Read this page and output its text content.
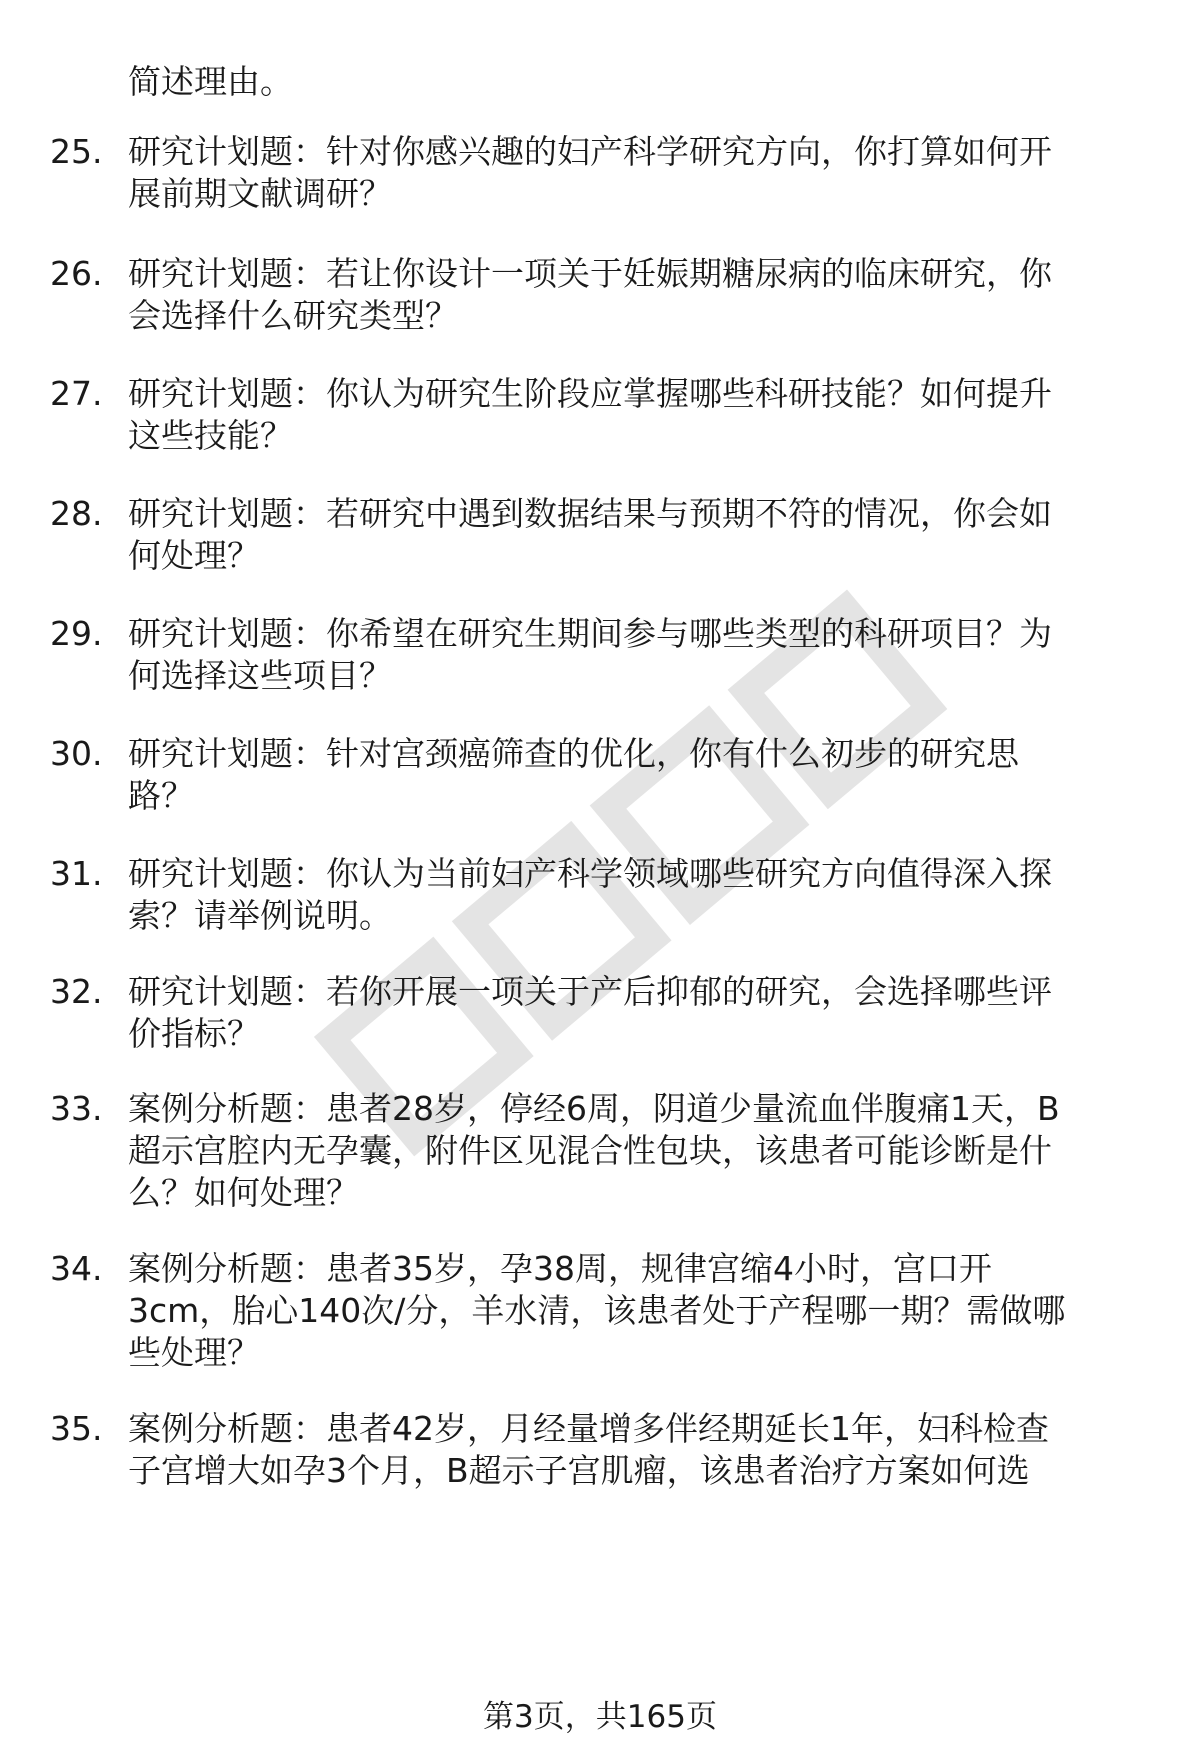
简述理由。

25. 研究计划题：针对你感兴趣的妇产科学研究方向，你打算如何开

展前期文献调研？

26. 研究计划题：若让你设计一项关于妊娠期糖尿病的临床研究，你

会选择什么研究类型？

27. 研究计划题：你认为研究生阶段应掌握哪些科研技能？如何提升

这些技能？

28. 研究计划题：若研究中遇到数据结果与预期不符的情况，你会如

何处理？

29. 研究计划题：你希望在研究生期间参与哪些类型的科研项目？为

何选择这些项目？

30. 研究计划题：针对宫颈癌筛查的优化，你有什么初步的研究思

路？

31. 研究计划题：你认为当前妇产科学领域哪些研究方向值得深入探

索？请举例说明。

32. 研究计划题：若你开展一项关于产后抑郁的研究，会选择哪些评

价指标？

33. 案例分析题：患者28岁，停经6周，阴道少量流血伴腹痛1天，B

超示宫腔内无孕囊，附件区见混合性包块，该患者可能诊断是什

么？如何处理？

34. 案例分析题：患者35岁，孕38周，规律宫缩4小时，宫口开

3cm，胎心140次/分，羊水清，该患者处于产程哪一期？需做哪

些处理？

35. 案例分析题：患者42岁，月经量增多伴经期延长1年，妇科检查

子宫增大如孕3个月，B超示子宫肌瘤，该患者治疗方案如何选

第3页，共165页
